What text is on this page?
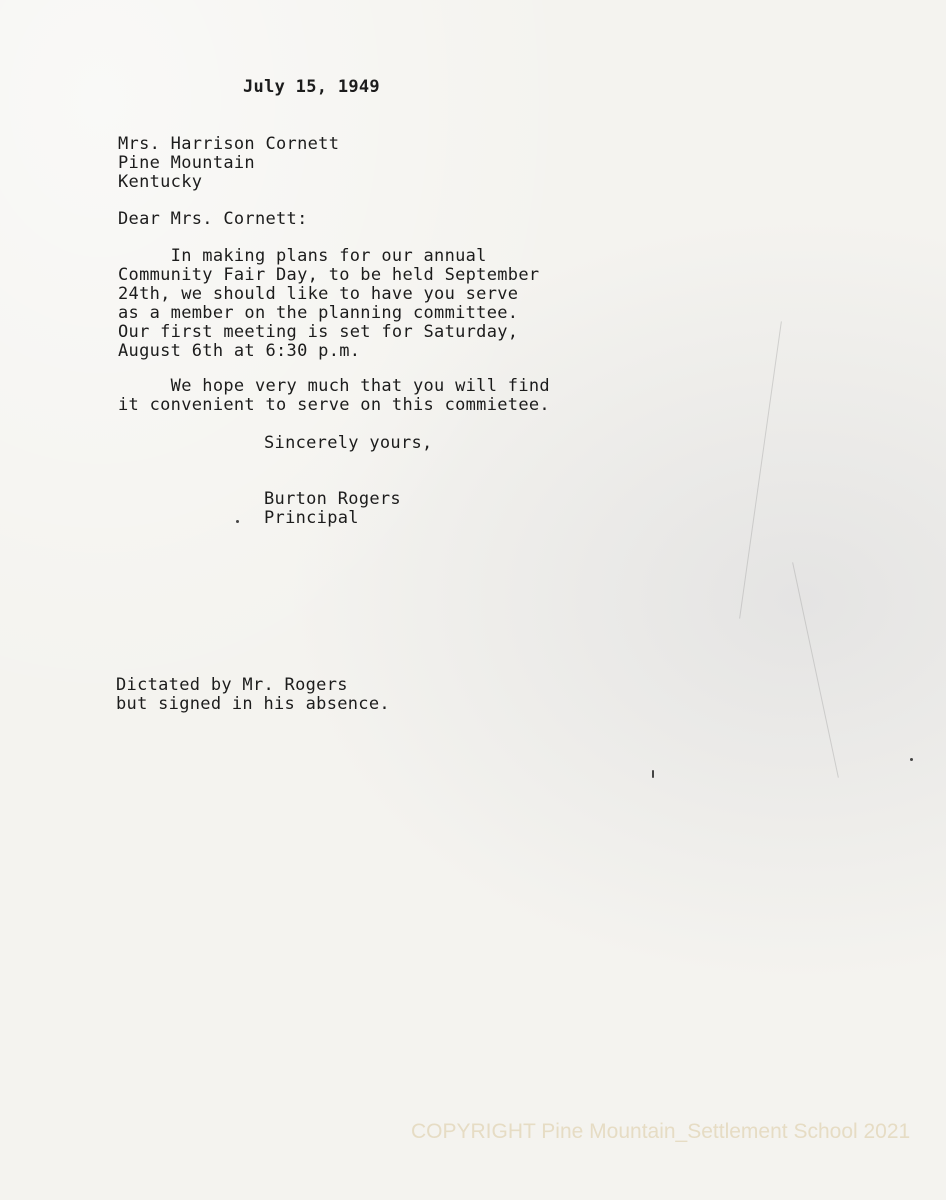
July 15, 1949
Mrs. Harrison Cornett
Pine Mountain
Kentucky
Dear Mrs. Cornett:
In making plans for our annual
Community Fair Day, to be held September
24th, we should like to have you serve
as a member on the planning committee.
Our first meeting is set for Saturday,
August 6th at 6:30 p.m.
We hope very much that you will find
it convenient to serve on this commietee.
Sincerely yours,
Burton Rogers
Principal
Dictated by Mr. Rogers
but signed in his absence.
COPYRIGHT Pine Mountain_Settlement School 2021
